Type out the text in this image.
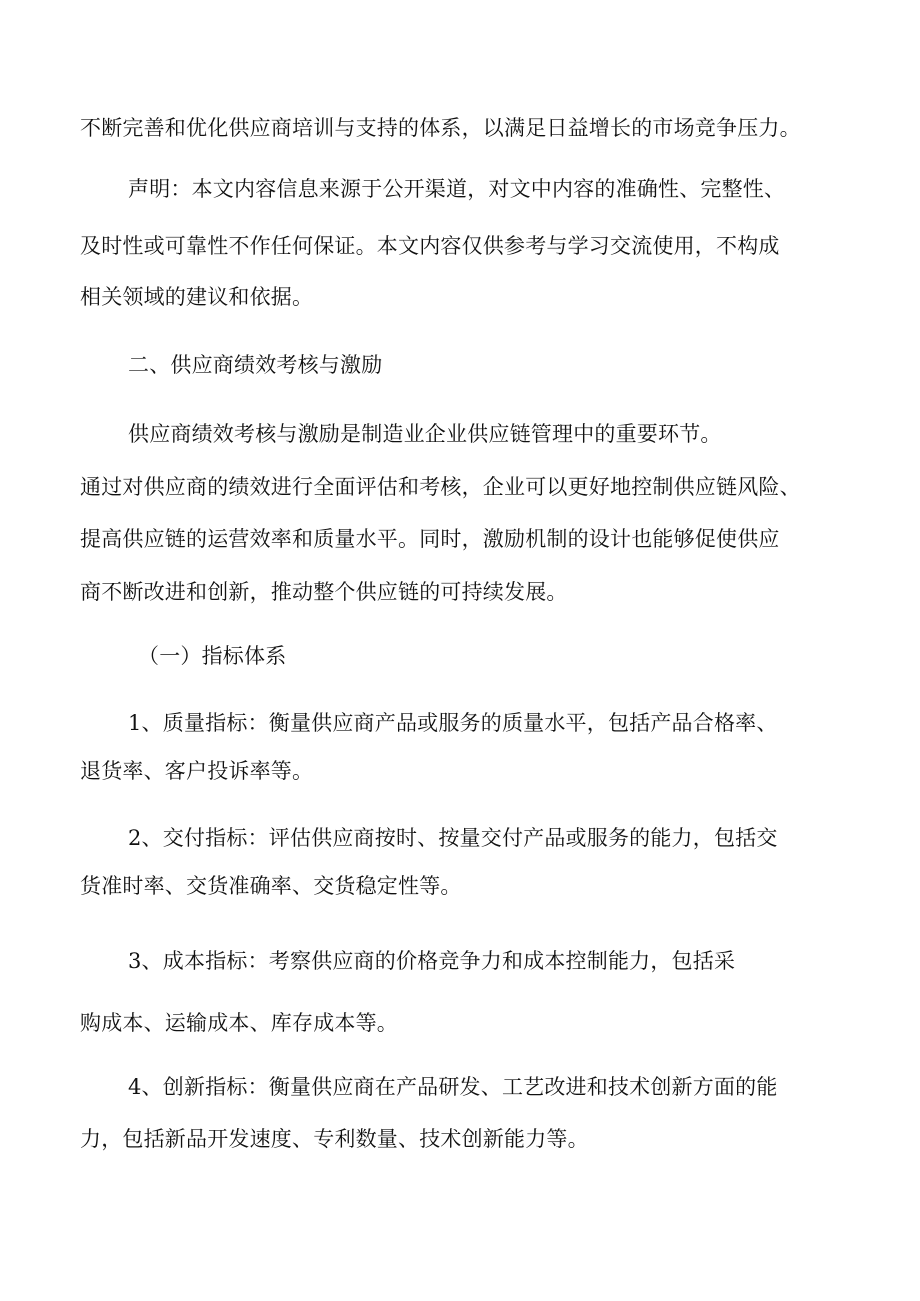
不断完善和优化供应商培训与支持的体系，以满足日益增长的市场竞争压力。
声明：本文内容信息来源于公开渠道，对文中内容的准确性、完整性、
及时性或可靠性不作任何保证。本文内容仅供参考与学习交流使用，不构成
相关领域的建议和依据。
二、供应商绩效考核与激励
供应商绩效考核与激励是制造业企业供应链管理中的重要环节。
通过对供应商的绩效进行全面评估和考核，企业可以更好地控制供应链风险、
提高供应链的运营效率和质量水平。同时，激励机制的设计也能够促使供应
商不断改进和创新，推动整个供应链的可持续发展。
（一）指标体系
1、质量指标：衡量供应商产品或服务的质量水平，包括产品合格率、
退货率、客户投诉率等。
2、交付指标：评估供应商按时、按量交付产品或服务的能力，包括交
货准时率、交货准确率、交货稳定性等。
3、成本指标：考察供应商的价格竞争力和成本控制能力，包括采
购成本、运输成本、库存成本等。
4、创新指标：衡量供应商在产品研发、工艺改进和技术创新方面的能
力，包括新品开发速度、专利数量、技术创新能力等。
